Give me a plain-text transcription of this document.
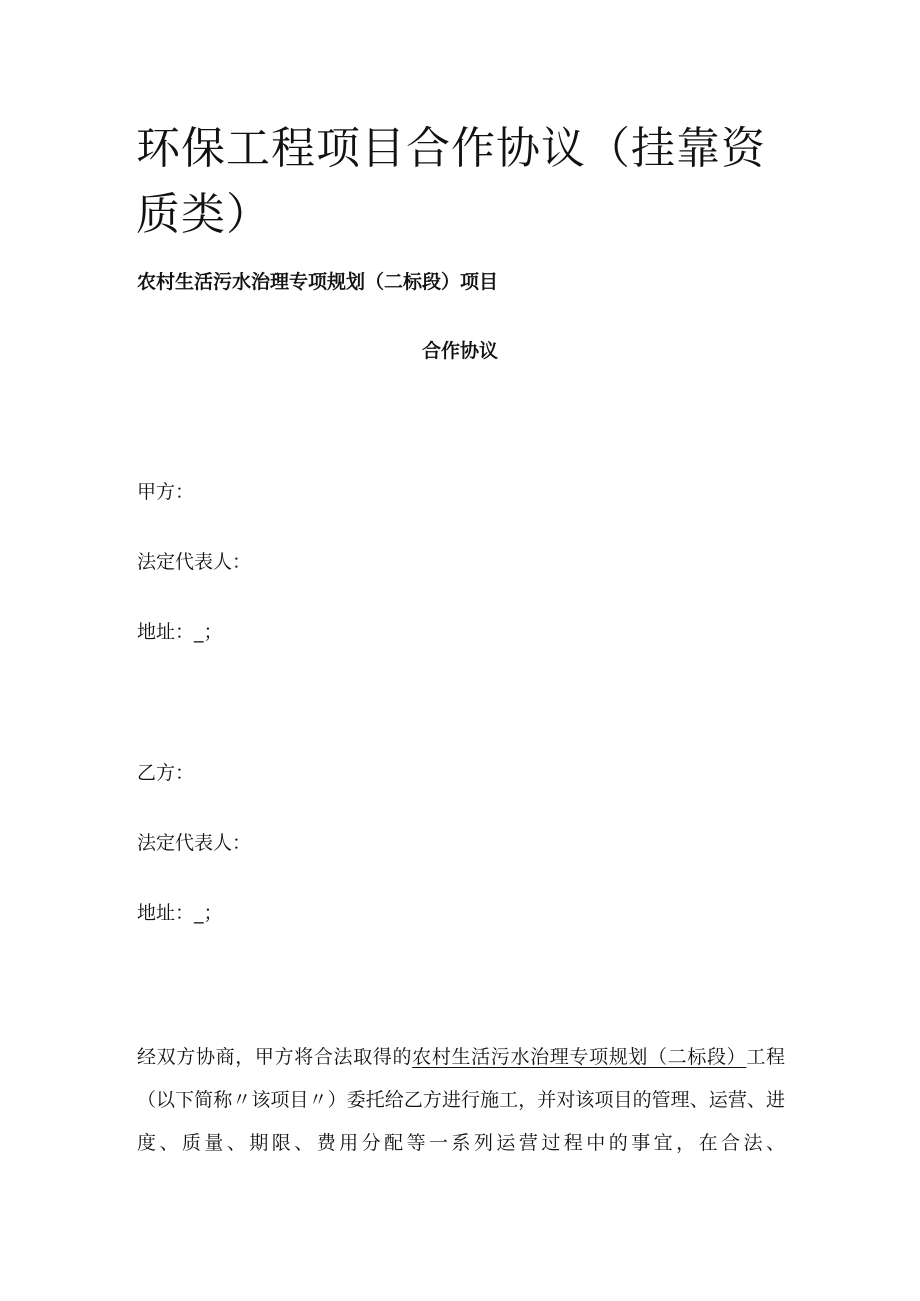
环保工程项目合作协议（挂靠资质类）

农村生活污水治理专项规划（二标段）项目

合作协议

甲方：

法定代表人：

地址：_；

乙方：

法定代表人：

地址：_；

经双方协商，甲方将合法取得的农村生活污水治理专项规划（二标段）工程（以下简称〃该项目〃）委托给乙方进行施工，并对该项目的管理、运营、进度、质量、期限、费用分配等一系列运营过程中的事宜，在合法、
